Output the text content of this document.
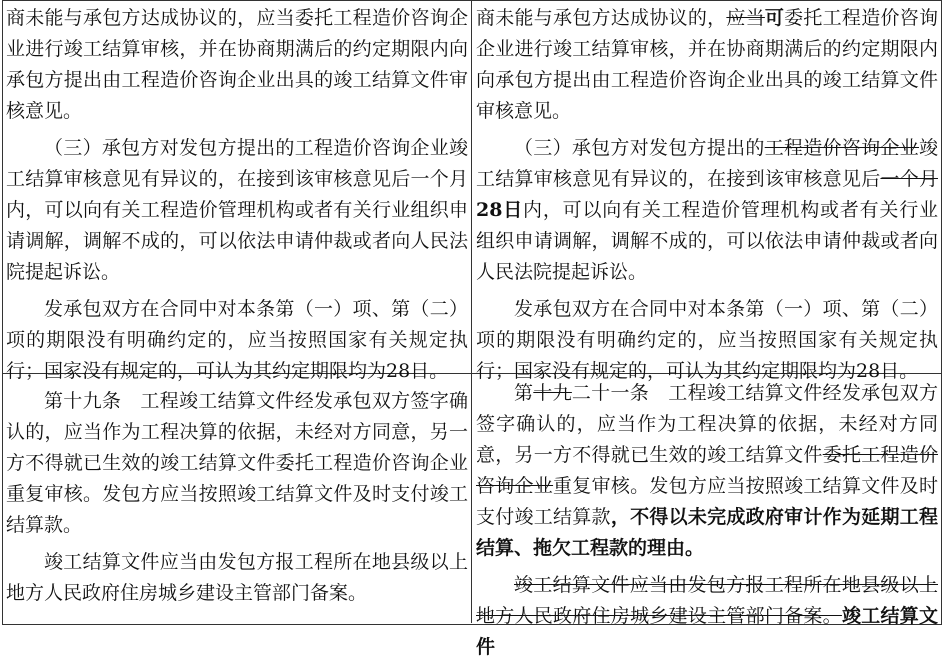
商未能与承包方达成协议的，应当委托工程造价咨询企业进行竣工结算审核，并在协商期满后的约定期限内向承包方提出由工程造价咨询企业出具的竣工结算文件审核意见。

（三）承包方对发包方提出的工程造价咨询企业竣工结算审核意见有异议的，在接到该审核意见后一个月内，可以向有关工程造价管理机构或者有关行业组织申请调解，调解不成的，可以依法申请仲裁或者向人民法院提起诉讼。

发承包双方在合同中对本条第（一）项、第（二）项的期限没有明确约定的，应当按照国家有关规定执行；国家没有规定的，可认为其约定期限均为28日。

商未能与承包方达成协议的，应当可委托工程造价咨询企业进行竣工结算审核，并在协商期满后的约定期限内向承包方提出由工程造价咨询企业出具的竣工结算文件审核意见。

（三）承包方对发包方提出的工程造价咨询企业竣工结算审核意见有异议的，在接到该审核意见后一个月28日内，可以向有关工程造价管理机构或者有关行业组织申请调解，调解不成的，可以依法申请仲裁或者向人民法院提起诉讼。

发承包双方在合同中对本条第（一）项、第（二）项的期限没有明确约定的，应当按照国家有关规定执行；国家没有规定的，可认为其约定期限均为28日。

第十九条　工程竣工结算文件经发承包双方签字确认的，应当作为工程决算的依据，未经对方同意，另一方不得就已生效的竣工结算文件委托工程造价咨询企业重复审核。发包方应当按照竣工结算文件及时支付竣工结算款。

竣工结算文件应当由发包方报工程所在地县级以上地方人民政府住房城乡建设主管部门备案。

第十九二十一条　工程竣工结算文件经发承包双方签字确认的，应当作为工程决算的依据，未经对方同意，另一方不得就已生效的竣工结算文件委托工程造价咨询企业重复审核。发包方应当按照竣工结算文件及时支付竣工结算款，不得以未完成政府审计作为延期工程结算、拖欠工程款的理由。

竣工结算文件应当由发包方报工程所在地县级以上地方人民政府住房城乡建设主管部门备案。竣工结算文件
